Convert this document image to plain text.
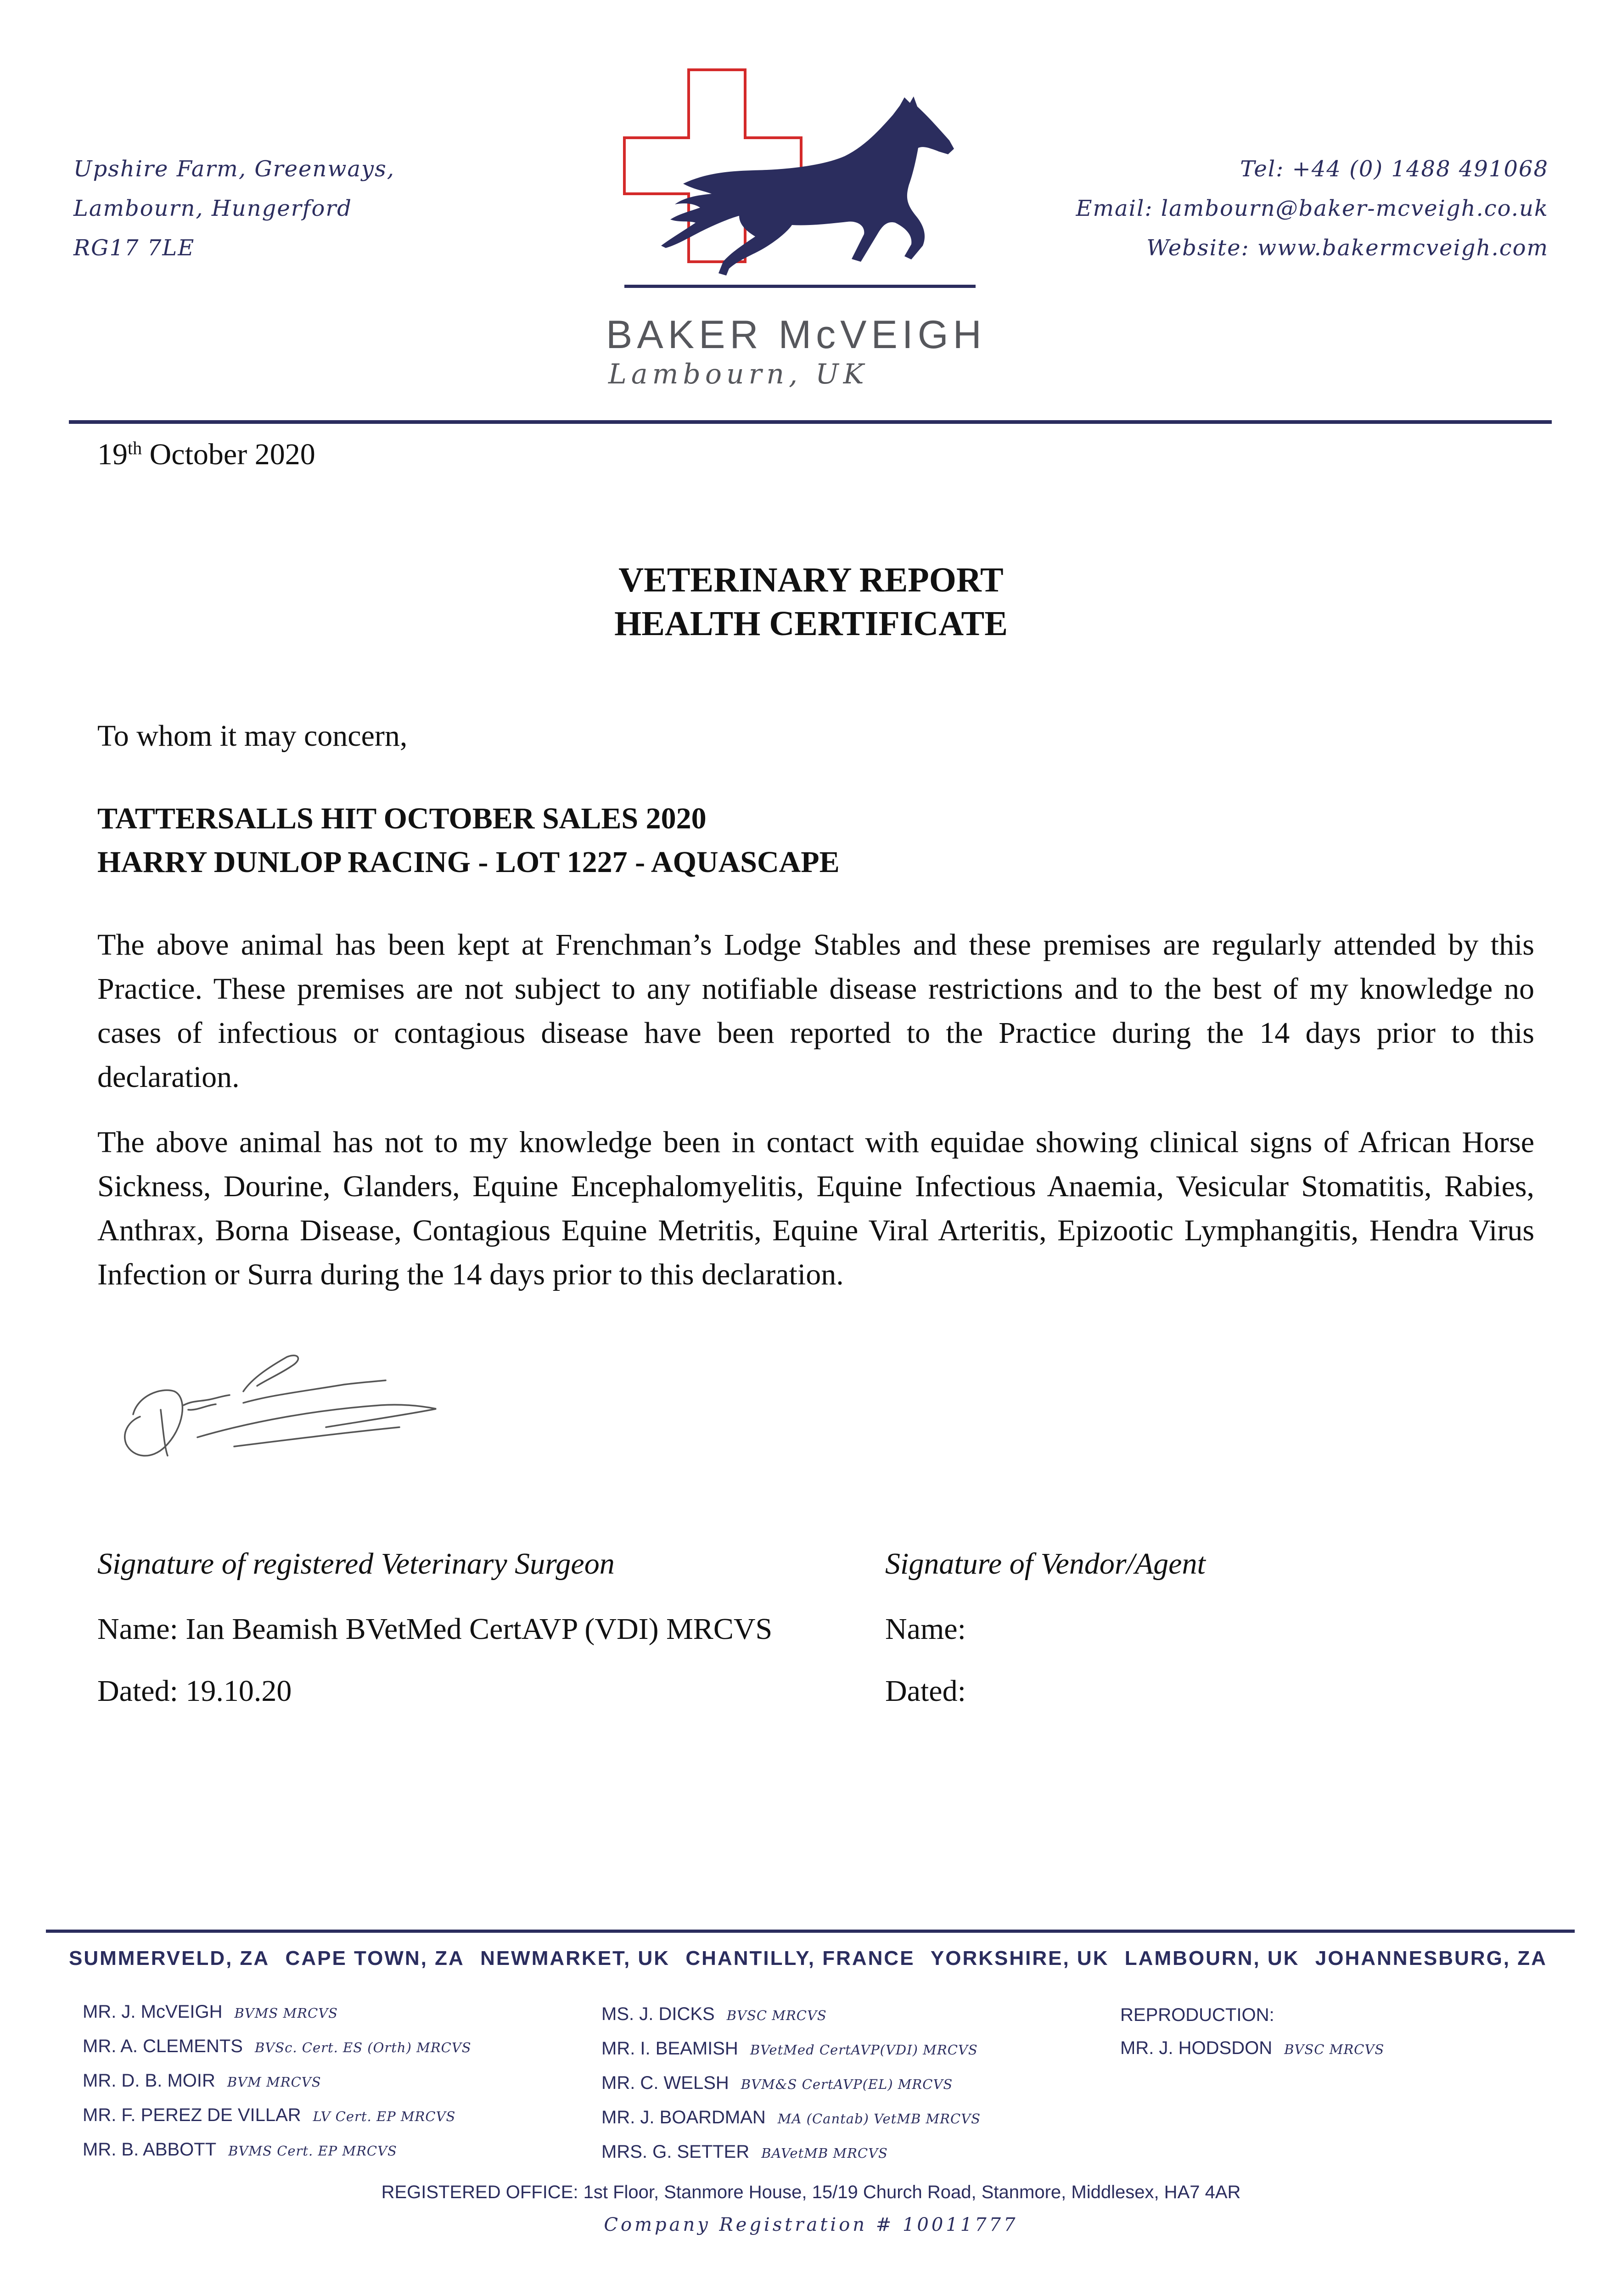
Upshire Farm, Greenways,
Lambourn, Hungerford
RG17 7LE
BAKER McVEIGH
Lambourn, UK
Tel: +44 (0) 1488 491068
Email: lambourn@baker-mcveigh.co.uk
Website: www.bakermcveigh.com
19th October 2020
VETERINARY REPORT
HEALTH CERTIFICATE
To whom it may concern,
TATTERSALLS HIT OCTOBER SALES 2020
HARRY DUNLOP RACING - LOT 1227 - AQUASCAPE
The above animal has been kept at Frenchman’s Lodge Stables and these premises are regularly attended by this Practice. These premises are not subject to any notifiable disease restrictions and to the best of my knowledge no cases of infectious or contagious disease have been reported to the Practice during the 14 days prior to this declaration.
The above animal has not to my knowledge been in contact with equidae showing clinical signs of African Horse Sickness, Dourine, Glanders, Equine Encephalomyelitis, Equine Infectious Anaemia, Vesicular Stomatitis, Rabies, Anthrax, Borna Disease, Contagious Equine Metritis, Equine Viral Arteritis, Epizootic Lymphangitis, Hendra Virus Infection or Surra during the 14 days prior to this declaration.
Signature of registered Veterinary Surgeon	Signature of Vendor/Agent
Name: Ian Beamish BVetMed CertAVP (VDI) MRCVS	Name:
Dated: 19.10.20	Dated:
SUMMERVELD, ZA CAPE TOWN, ZA NEWMARKET, UK CHANTILLY, FRANCE YORKSHIRE, UK LAMBOURN, UK JOHANNESBURG, ZA
MR. J. McVEIGH BVMS MRCVS
MR. A. CLEMENTS BVSc. Cert. ES (Orth) MRCVS
MR. D. B. MOIR BVM MRCVS
MR. F. PEREZ DE VILLAR LV Cert. EP MRCVS
MR. B. ABBOTT BVMS Cert. EP MRCVS
MS. J. DICKS BVSC MRCVS
MR. I. BEAMISH BVetMed CertAVP(VDI) MRCVS
MR. C. WELSH BVM&S CertAVP(EL) MRCVS
MR. J. BOARDMAN MA (Cantab) VetMB MRCVS
MRS. G. SETTER BAVetMB MRCVS
REPRODUCTION:
MR. J. HODSDON BVSC MRCVS
REGISTERED OFFICE: 1st Floor, Stanmore House, 15/19 Church Road, Stanmore, Middlesex, HA7 4AR
Company Registration # 10011777
